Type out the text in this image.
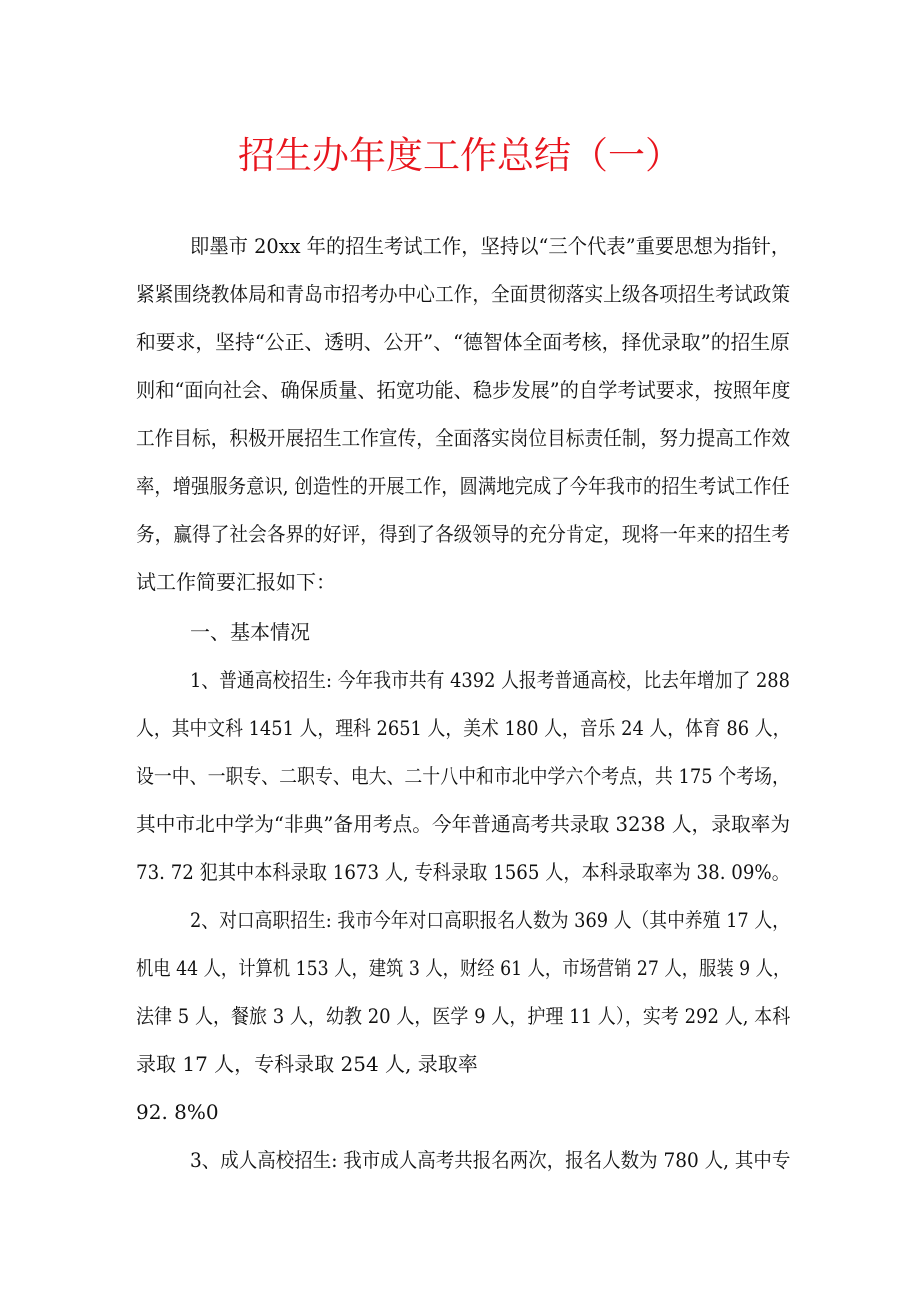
招生办年度工作总结（一）
即墨市 20xx 年的招生考试工作，坚持以“三个代表”重要思想为指针，
紧紧围绕教体局和青岛市招考办中心工作，全面贯彻落实上级各项招生考试政策
和要求，坚持“公正、透明、公开”、“德智体全面考核，择优录取”的招生原
则和“面向社会、确保质量、拓宽功能、稳步发展”的自学考试要求，按照年度
工作目标，积极开展招生工作宣传，全面落实岗位目标责任制，努力提高工作效
率，增强服务意识, 创造性的开展工作，圆满地完成了今年我市的招生考试工作任
务，赢得了社会各界的好评，得到了各级领导的充分肯定，现将一年来的招生考
试工作简要汇报如下：
一、基本情况
1、普通高校招生: 今年我市共有 4392 人报考普通高校，比去年增加了 288
人，其中文科 1451 人，理科 2651 人，美术 180 人，音乐 24 人，体育 86 人，
设一中、一职专、二职专、电大、二十八中和市北中学六个考点，共 175 个考场，
其中市北中学为“非典”备用考点。今年普通高考共录取 3238 人，录取率为
73. 72 犯其中本科录取 1673 人, 专科录取 1565 人，本科录取率为 38. 09%。
2、对口高职招生: 我市今年对口高职报名人数为 369 人（其中养殖 17 人，
机电 44 人，计算机 153 人，建筑 3 人，财经 61 人，市场营销 27 人，服装 9 人，
法律 5 人，餐旅 3 人，幼教 20 人，医学 9 人，护理 11 人），实考 292 人, 本科
录取 17 人，专科录取 254 人, 录取率
92. 8%0
3、成人高校招生: 我市成人高考共报名两次，报名人数为 780 人, 其中专
